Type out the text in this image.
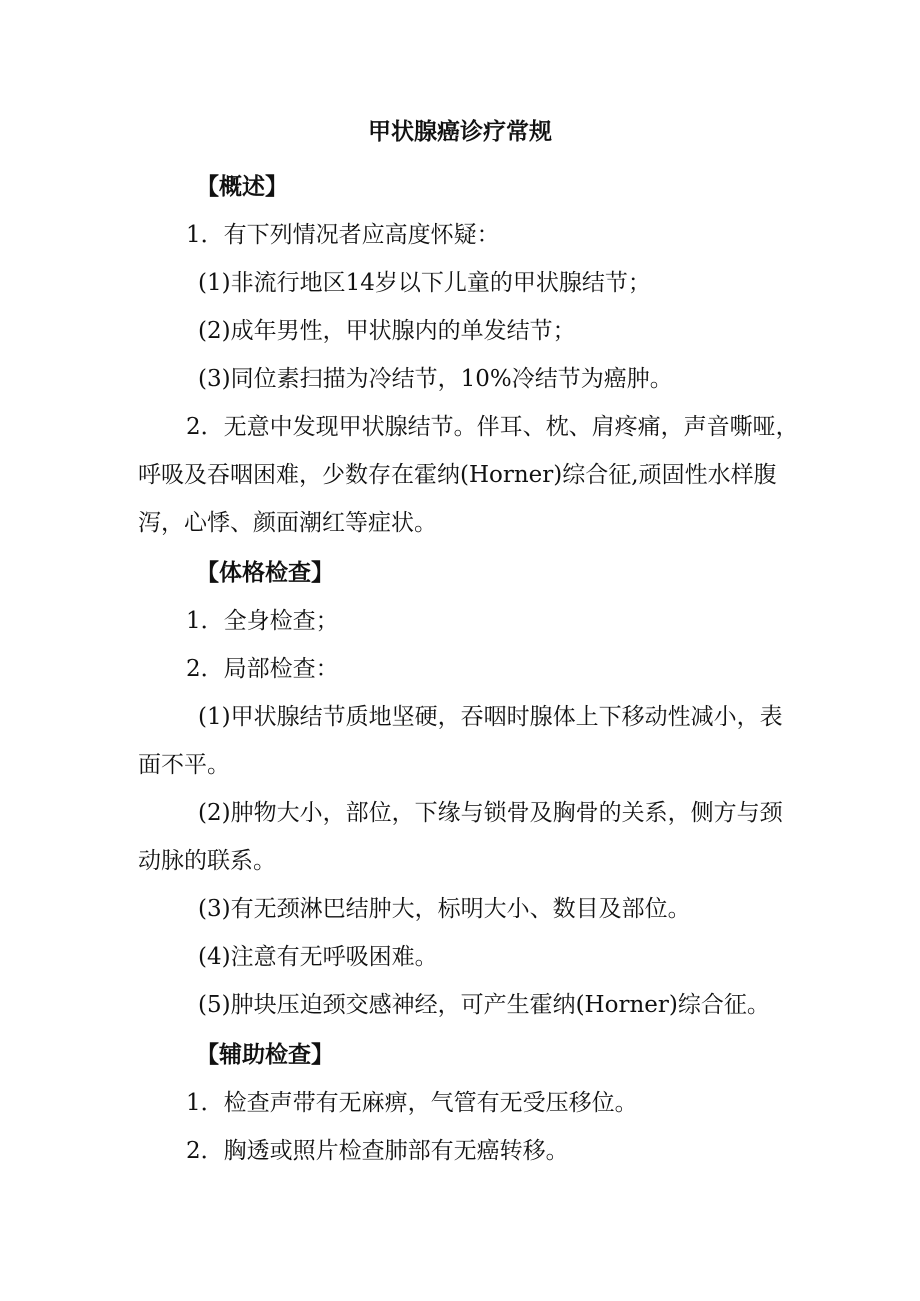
甲状腺癌诊疗常规
【概述】
1．有下列情况者应高度怀疑：
(1)非流行地区14岁以下儿童的甲状腺结节；
(2)成年男性，甲状腺内的单发结节；
(3)同位素扫描为冷结节，10%冷结节为癌肿。
2．无意中发现甲状腺结节。伴耳、枕、肩疼痛，声音嘶哑，
呼吸及吞咽困难，少数存在霍纳(Horner)综合征,顽固性水样腹
泻，心悸、颜面潮红等症状。
【体格检查】
1．全身检查；
2．局部检查：
(1)甲状腺结节质地坚硬，吞咽时腺体上下移动性减小，表
面不平。
(2)肿物大小，部位，下缘与锁骨及胸骨的关系，侧方与颈
动脉的联系。
(3)有无颈淋巴结肿大，标明大小、数目及部位。
(4)注意有无呼吸困难。
(5)肿块压迫颈交感神经，可产生霍纳(Horner)综合征。
【辅助检查】
1．检查声带有无麻痹，气管有无受压移位。
2．胸透或照片检查肺部有无癌转移。
